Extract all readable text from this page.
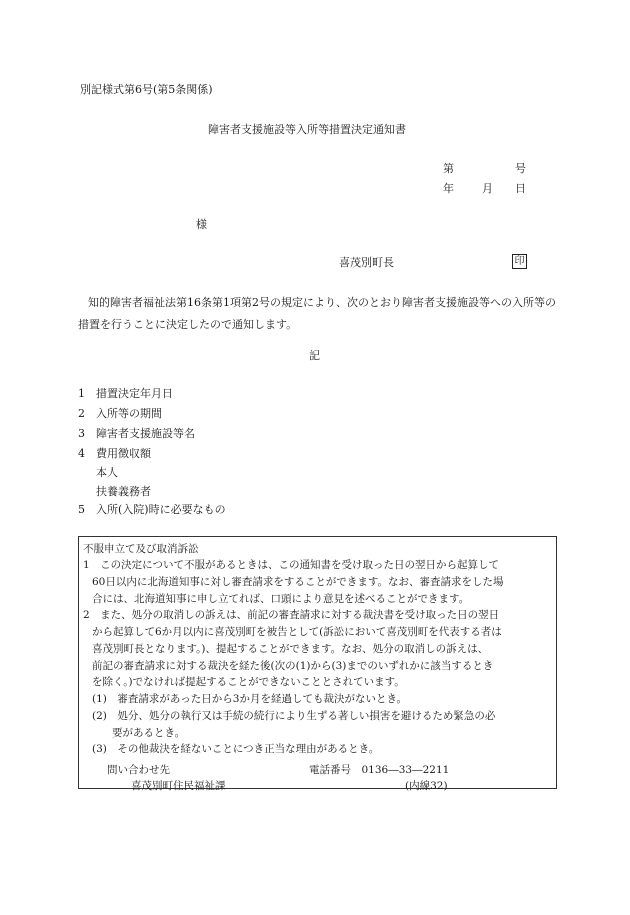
別記様式第6号(第5条関係)
障害者支援施設等入所等措置決定通知書
第	号
年	月 日
様
喜茂別町長	印
知的障害者福祉法第16条第1項第2号の規定により、次のとおり障害者支援施設等への入所等の措置を行うことに決定したので通知します。
記
1 措置決定年月日
2 入所等の期間
3 障害者支援施設等名
4 費用徴収額
本人
扶養義務者
5 入所(入院)時に必要なもの
不服申立て及び取消訴訟
1　この決定について不服があるときは、この通知書を受け取った日の翌日から起算して
60日以内に北海道知事に対し審査請求をすることができます。なお、審査請求をした場
合には、北海道知事に申し立てれば、口頭により意見を述べることができます。
2　また、処分の取消しの訴えは、前記の審査請求に対する裁決書を受け取った日の翌日
から起算して6か月以内に喜茂別町を被告として(訴訟において喜茂別町を代表する者は
喜茂別町長となります。)、提起することができます。なお、処分の取消しの訴えは、
前記の審査請求に対する裁決を経た後(次の(1)から(3)までのいずれかに該当するとき
を除く。)でなければ提起することができないこととされています。
(1)　審査請求があった日から3か月を経過しても裁決がないとき。
(2)　処分、処分の執行又は手続の続行により生ずる著しい損害を避けるため緊急の必
要があるとき。
(3)　その他裁決を経ないことにつき正当な理由があるとき。
問い合わせ先
喜茂別町住民福祉課
電話番号　0136―33―2211
(内線32)
